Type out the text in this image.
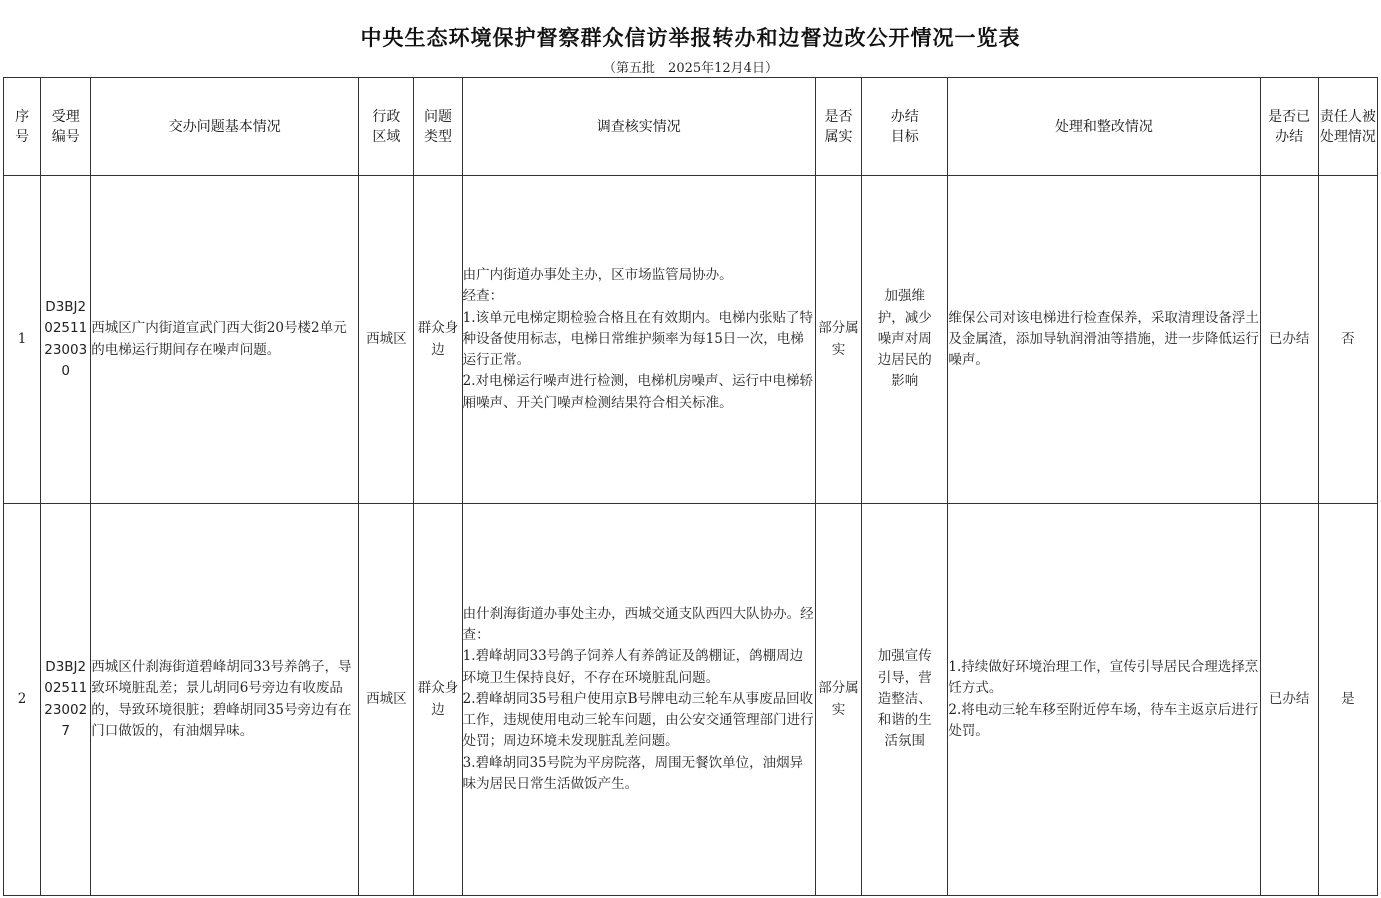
中央生态环境保护督察群众信访举报转办和边督边改公开情况一览表
（第五批　2025年12月4日）
序号	受理编号	交办问题基本情况	行政区域	问题类型	调查核实情况	是否属实	办结目标	处理和整改情况	是否已办结	责任人被处理情况
1	D3BJ202511230030	西城区广内街道宣武门西大街20号楼2单元的电梯运行期间存在噪声问题。	西城区	群众身边	由广内街道办事处主办，区市场监管局协办。
经查：
1.该单元电梯定期检验合格且在有效期内。电梯内张贴了特种设备使用标志，电梯日常维护频率为每15日一次，电梯运行正常。
2.对电梯运行噪声进行检测，电梯机房噪声、运行中电梯轿厢噪声、开关门噪声检测结果符合相关标准。	部分属实	加强维护，减少噪声对周边居民的影响	维保公司对该电梯进行检查保养，采取清理设备浮土及金属渣，添加导轨润滑油等措施，进一步降低运行噪声。	已办结	否
2	D3BJ202511230027	西城区什刹海街道碧峰胡同33号养鸽子，导致环境脏乱差；景儿胡同6号旁边有收废品的，导致环境很脏；碧峰胡同35号旁边有在门口做饭的，有油烟异味。	西城区	群众身边	由什刹海街道办事处主办，西城交通支队西四大队协办。经查：
1.碧峰胡同33号鸽子饲养人有养鸽证及鸽棚证，鸽棚周边环境卫生保持良好，不存在环境脏乱问题。
2.碧峰胡同35号租户使用京B号牌电动三轮车从事废品回收工作，违规使用电动三轮车问题，由公安交通管理部门进行处罚；周边环境未发现脏乱差问题。
3.碧峰胡同35号院为平房院落，周围无餐饮单位，油烟异味为居民日常生活做饭产生。	部分属实	加强宣传引导，营造整洁、和谐的生活氛围	1.持续做好环境治理工作，宣传引导居民合理选择烹饪方式。
2.将电动三轮车移至附近停车场，待车主返京后进行处罚。	已办结	是
